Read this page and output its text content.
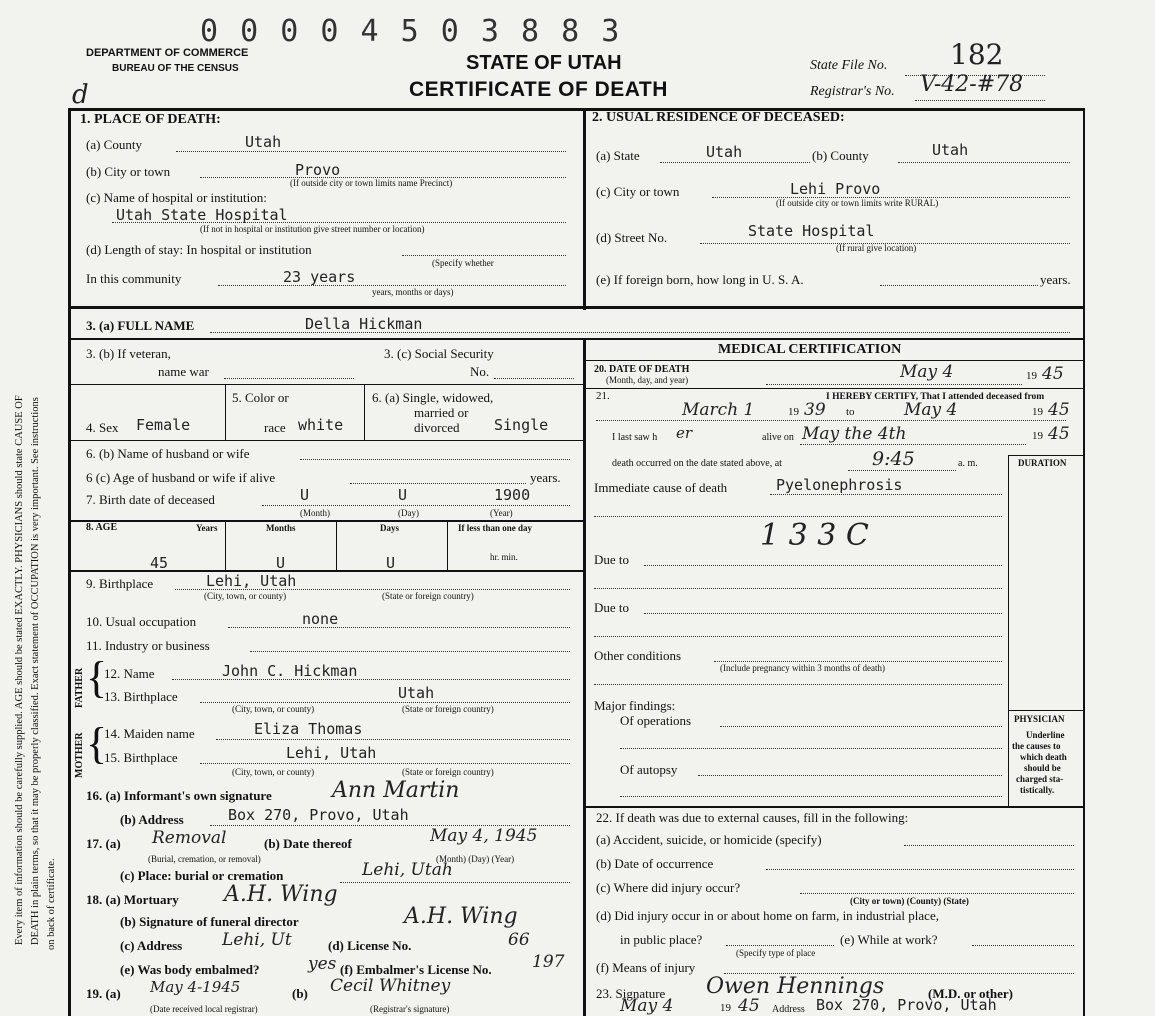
0 0 0 0 4 5 0 3 8 8 3
DEPARTMENT OF COMMERCE
BUREAU OF THE CENSUS
d
STATE OF UTAH
CERTIFICATE OF DEATH
State File No. 182
Registrar's No. V-42-#78
Every item of information should be carefully supplied. AGE should be stated EXACTLY. PHYSICIANS should state CAUSE OF DEATH in plain terms, so that it may be properly classified. Exact statement of OCCUPATION is very important. See instructions on back of certificate.
1. PLACE OF DEATH:
(a) County	Utah
(b) City or town	Provo
(If outside city or town limits name Precinct)
(c) Name of hospital or institution:
Utah State Hospital
(If not in hospital or institution give street number or location)
(d) Length of stay: In hospital or institution
(Specify whether
In this community	23 years
years, months or days)
2. USUAL RESIDENCE OF DECEASED:
(a) State	Utah	(b) County	Utah
(c) City or town	Lehi Provo
(If outside city or town limits write RURAL)
(d) Street No.	State Hospital
(If rural give location)
(e) If foreign born, how long in U. S. A.	years.
3. (a) FULL NAME	Della Hickman
3. (b) If veteran,
name war
3. (c) Social Security
No.
4. Sex Female
5. Color or
race white
6. (a) Single, widowed,
married or
divorced Single
6. (b) Name of husband or wife
6 (c) Age of husband or wife if alive	years.
7. Birth date of deceased	U	U	1900
(Month)	(Day)	(Year)
8. AGE	Years	Months	Days	If less than one day
hr. min.
45	U	U
9. Birthplace	Lehi, Utah
(City, town, or county)	(State or foreign country)
10. Usual occupation	none
11. Industry or business
FATHER
MOTHER
{
{
12. Name	John C. Hickman
13. Birthplace	Utah
(City, town, or county)	(State or foreign country)
14. Maiden name	Eliza Thomas
15. Birthplace	Lehi, Utah
(City, town, or county)	(State or foreign country)
16. (a) Informant's own signature	Ann Martin
(b) Address	Box 270, Provo, Utah
17. (a) Removal	(b) Date thereof	May 4, 1945
(Burial, cremation, or removal)	(Month) (Day) (Year)
(c) Place: burial or cremation	Lehi, Utah
18. (a) Mortuary A.H. Wing
(b) Signature of funeral director	A.H. Wing
(c) Address Lehi, Ut	(d) License No.	66
(e) Was body embalmed?	yes (f) Embalmer's License No. 197
19. (a) May 4-1945	(b) Cecil Whitney
(Date received local registrar)	(Registrar's signature)
MEDICAL CERTIFICATION
20. DATE OF DEATH
(Month, day, and year)	May 4	19 45
21.	I HEREBY CERTIFY, That I attended deceased from
March 1	19 39 to	May 4	19 45
I last saw h er	alive on May the 4th	19 45
death occurred on the date stated above, at	9:45	a. m.	DURATION
Immediate cause of death	Pyelonephrosis
1 3 3 C
Due to
Due to
Other conditions
(Include pregnancy within 3 months of death)
Major findings:
Of operations
Of autopsy
PHYSICIAN
Underline
the causes to
which death
should be
charged sta-
tistically.
22. If death was due to external causes, fill in the following:
(a) Accident, suicide, or homicide (specify)
(b) Date of occurrence
(c) Where did injury occur?
(City or town) (County) (State)
(d) Did injury occur in or about home on farm, in industrial place,
in public place?
(Specify type of place
(e) While at work?
(f) Means of injury
23. Signature Owen Hennings	(M.D. or other)
May 4	19 45 Address Box 270, Provo, Utah
